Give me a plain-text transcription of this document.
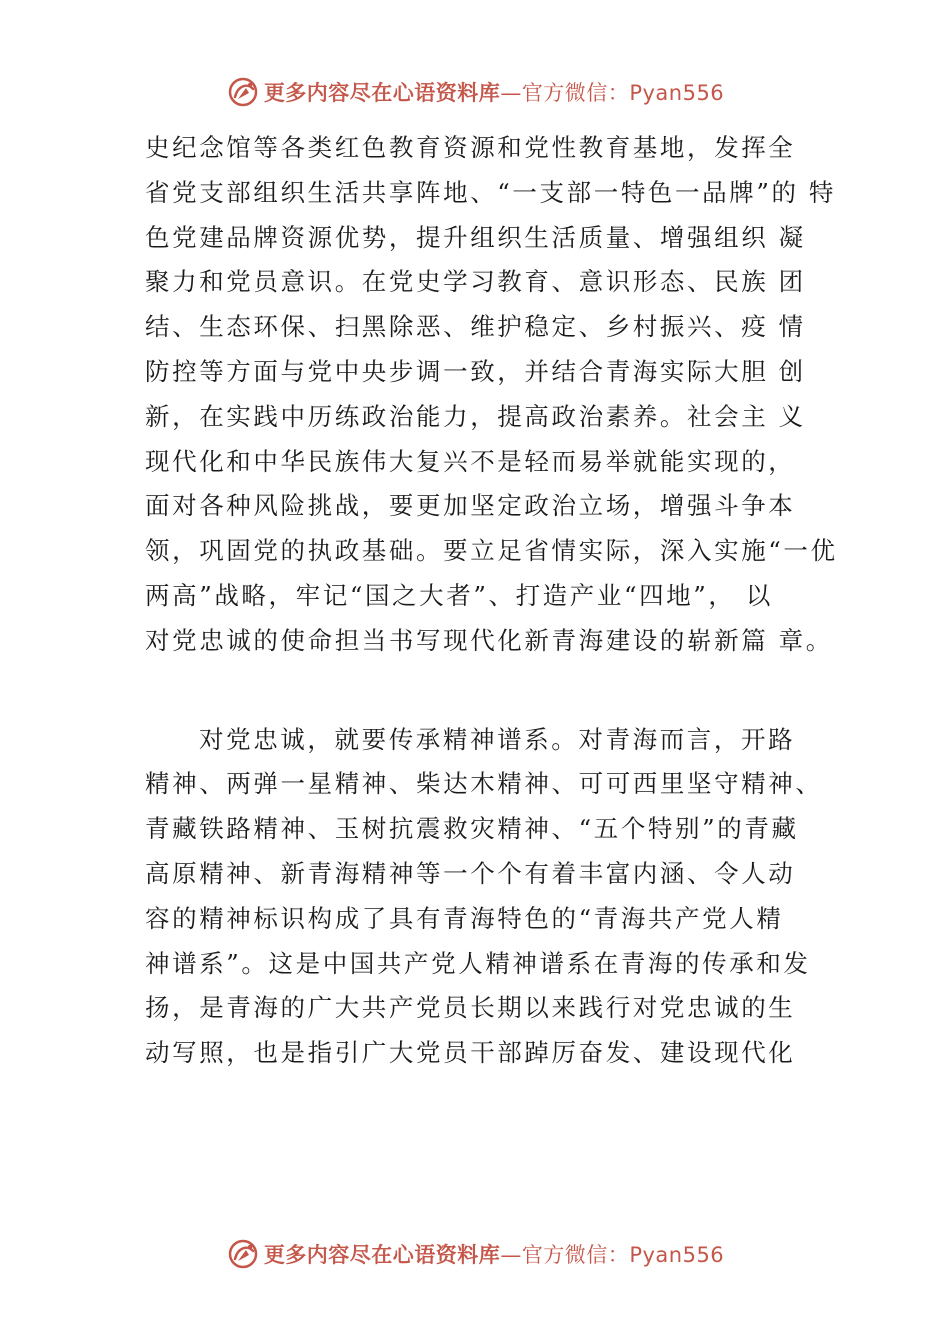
更多内容尽在心语资料库—官方微信：Pyan556
史纪念馆等各类红色教育资源和党性教育基地，发挥全
省党支部组织生活共享阵地、“一支部一特色一品牌”的 特
色党建品牌资源优势，提升组织生活质量、增强组织 凝
聚力和党员意识。在党史学习教育、意识形态、民族 团
结、生态环保、扫黑除恶、维护稳定、乡村振兴、疫 情
防控等方面与党中央步调一致，并结合青海实际大胆 创
新，在实践中历练政治能力，提高政治素养。社会主 义
现代化和中华民族伟大复兴不是轻而易举就能实现的，
面对各种风险挑战，要更加坚定政治立场，增强斗争本
领，巩固党的执政基础。要立足省情实际，深入实施“一优
两高”战略，牢记“国之大者”、打造产业“四地”， 以
对党忠诚的使命担当书写现代化新青海建设的崭新篇 章。
对党忠诚，就要传承精神谱系。对青海而言，开路
精神、两弹一星精神、柴达木精神、可可西里坚守精神、
青藏铁路精神、玉树抗震救灾精神、“五个特别”的青藏
高原精神、新青海精神等一个个有着丰富内涵、令人动
容的精神标识构成了具有青海特色的“青海共产党人精
神谱系”。这是中国共产党人精神谱系在青海的传承和发
扬，是青海的广大共产党员长期以来践行对党忠诚的生
动写照，也是指引广大党员干部踔厉奋发、建设现代化
更多内容尽在心语资料库—官方微信：Pyan556
